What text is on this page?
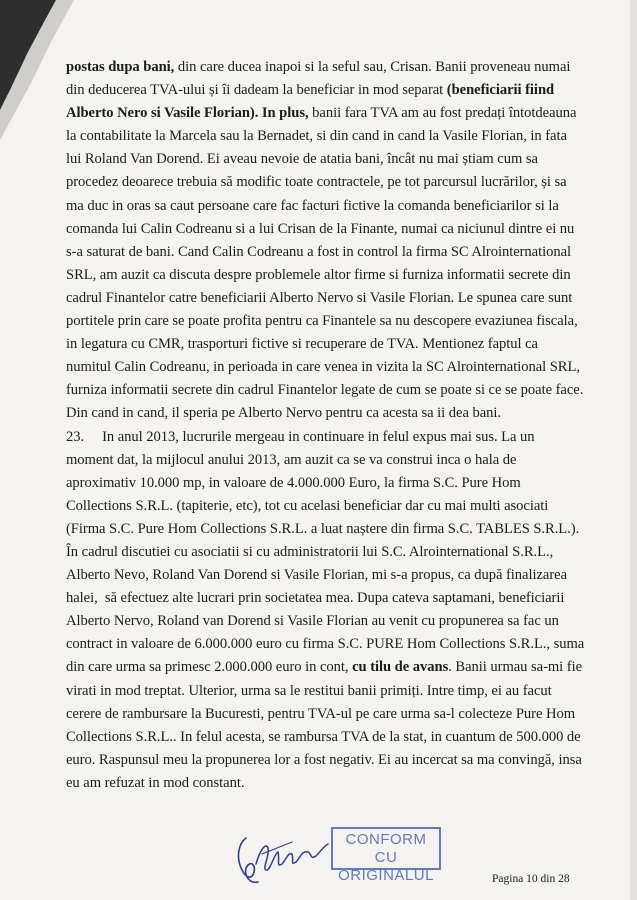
postas dupa bani, din care ducea inapoi si la seful sau, Crisan. Banii proveneau numai

din deducerea TVA-ului și îi dadeam la beneficiar in mod separat (beneficiarii fiind

Alberto Nero si Vasile Florian). In plus, banii fara TVA am au fost predați întotdeauna

la contabilitate la Marcela sau la Bernadet, si din cand in cand la Vasile Florian, in fata

lui Roland Van Dorend. Ei aveau nevoie de atatia bani, încât nu mai știam cum sa

procedez deoarece trebuia să modific toate contractele, pe tot parcursul lucrărilor, și sa

ma duc in oras sa caut persoane care fac facturi fictive la comanda beneficiarilor si la

comanda lui Calin Codreanu si a lui Crisan de la Finante, numai ca niciunul dintre ei nu

s-a saturat de bani. Cand Calin Codreanu a fost in control la firma SC Alrointernational

SRL, am auzit ca discuta despre problemele altor firme si furniza informatii secrete din

cadrul Finantelor catre beneficiarii Alberto Nervo si Vasile Florian. Le spunea care sunt

portitele prin care se poate profita pentru ca Finantele sa nu descopere evaziunea fiscala,

in legatura cu CMR, trasporturi fictive si recuperare de TVA. Mentionez faptul ca

numitul Calin Codreanu, in perioada in care venea in vizita la SC Alrointernational SRL,

furniza informatii secrete din cadrul Finantelor legate de cum se poate si ce se poate face.

Din cand in cand, il speria pe Alberto Nervo pentru ca acesta sa ii dea bani.

23.     In anul 2013, lucrurile mergeau in continuare in felul expus mai sus. La un

moment dat, la mijlocul anului 2013, am auzit ca se va construi inca o hala de

aproximativ 10.000 mp, in valoare de 4.000.000 Euro, la firma S.C. Pure Hom

Collections S.R.L. (tapiterie, etc), tot cu acelasi beneficiar dar cu mai multi asociati

(Firma S.C. Pure Hom Collections S.R.L. a luat naștere din firma S.C. TABLES S.R.L.).

În cadrul discutiei cu asociatii si cu administratorii lui S.C. Alrointernational S.R.L.,

Alberto Nevo, Roland Van Dorend si Vasile Florian, mi s-a propus, ca după finalizarea

halei,  să efectuez alte lucrari prin societatea mea. Dupa cateva saptamani, beneficiarii

Alberto Nervo, Roland van Dorend si Vasile Florian au venit cu propunerea sa fac un

contract in valoare de 6.000.000 euro cu firma S.C. PURE Hom Collections S.R.L., suma

din care urma sa primesc 2.000.000 euro in cont, cu tilu de avans. Banii urmau sa-mi fie

virati in mod treptat. Ulterior, urma sa le restitui banii primiți. Intre timp, ei au facut

cerere de rambursare la Bucuresti, pentru TVA-ul pe care urma sa-l colecteze Pure Hom

Collections S.R.L.. In felul acesta, se rambursa TVA de la stat, in cuantum de 500.000 de

euro. Raspunsul meu la propunerea lor a fost negativ. Ei au incercat sa ma convingă, insa

eu am refuzat in mod constant.

CONFORM CU
ORIGINALUL	Pagina 10 din 28
